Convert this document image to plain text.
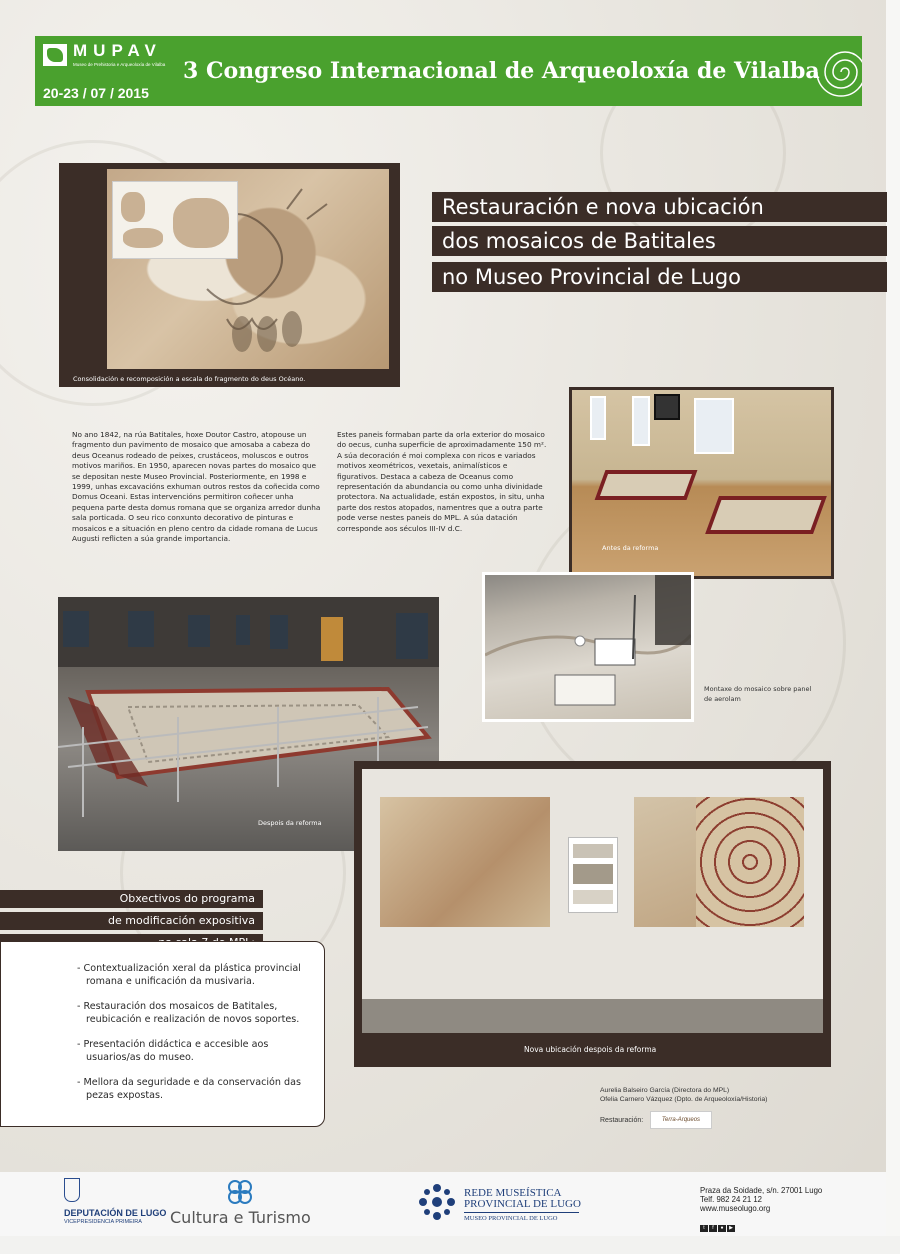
MUPAV
Museo de Prehistoria e Arqueoloxía de Vilalba
20-23 / 07 / 2015
3 Congreso Internacional de Arqueoloxía de Vilalba
Restauración e nova ubicación
dos mosaicos de Batitales
no Museo Provincial de Lugo
Consolidación e recomposición a escala do fragmento do deus Océano.
Antes da reforma

No ano 1842, na rúa Batitales, hoxe Doutor Castro, atopouse un fragmento dun pavimento de mosaico que amosaba a cabeza do deus Oceanus rodeado de peixes, crustáceos, moluscos e outros motivos mariños. En 1950, aparecen novas partes do mosaico que se depositan neste Museo Provincial. Posteriormente, en 1998 e 1999, unhas excavacións exhuman outros restos da coñecida como Domus Oceani. Estas intervencións permitiron coñecer unha pequena parte desta domus romana que se organiza arredor dunha sala porticada. O seu rico conxunto decorativo de pinturas e mosaicos e a situación en pleno centro da cidade romana de Lucus Augusti reflicten a súa grande importancia.

Estes paneis formaban parte da orla exterior do mosaico do oecus, cunha superficie de aproximadamente 150 m². A súa decoración é moi complexa con ricos e variados motivos xeométricos, vexetais, animalísticos e figurativos. Destaca a cabeza de Oceanus como representación da abundancia ou como unha divinidade protectora. Na actualidade, están expostos, in situ, unha parte dos restos atopados, namentres que a outra parte pode verse nestes paneis do MPL. A súa datación corresponde aos séculos III-IV d.C.

Montaxe do mosaico sobre panel de aerolam
Despois da reforma
Nova ubicación despois da reforma
Obxectivos do programa
de modificación expositiva
- Contextualización xeral da plástica provincial romana e unificación da musivaria.
- Restauración dos mosaicos de Batitales, reubicación e realización de novos soportes.
- Presentación didáctica e accesible aos usuarios/as do museo.
- Mellora da seguridade e da conservación das pezas expostas.	Aurelia Balseiro García (Directora do MPL)
Ofelia Carnero Vázquez (Dpto. de Arqueoloxía/Historia)
Restauración:	Terra-Arqueos
DEPUTACIÓN DE LUGO
VICEPRESIDENCIA PRIMEIRA Cultura e Turismo
REDE MUSEÍSTICA
PROVINCIAL DE LUGO
MUSEO PROVINCIAL DE LUGO
Praza da Soidade, s/n. 27001 Lugo
Telf. 982 24 21 12
www.museolugo.org
t f ● ▶
